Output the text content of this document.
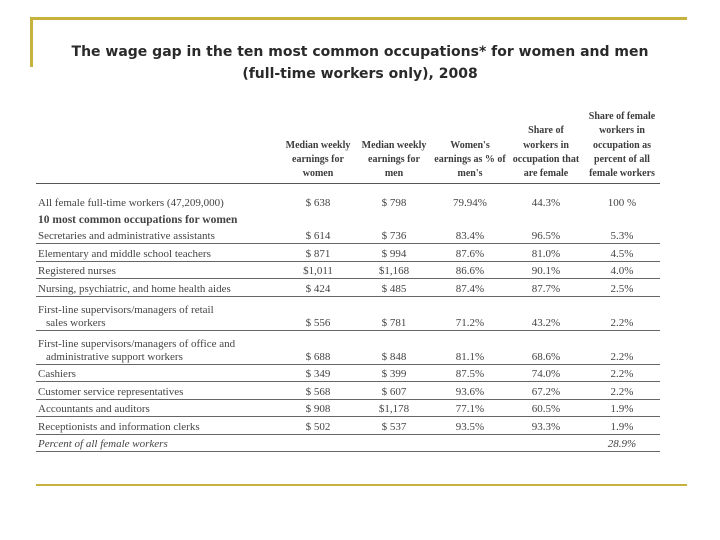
The wage gap in the ten most common occupations* for women and men
(full-time workers only), 2008
	Median weekly earnings for women	Median weekly earnings for men	Women's earnings as % of men's	Share of workers in occupation that are female	Share of female workers in occupation as percent of all female workers
All female full-time workers (47,209,000)	$ 638	$ 798	79.94%	44.3%	100 %
10 most common occupations for women					
Secretaries and administrative assistants	$ 614	$ 736	83.4%	96.5%	5.3%
Elementary and middle school teachers	$ 871	$ 994	87.6%	81.0%	4.5%
Registered nurses	$1,011	$1,168	86.6%	90.1%	4.0%
Nursing, psychiatric, and home health aides	$ 424	$ 485	87.4%	87.7%	2.5%
First-line supervisors/managers of retail
sales workers	$ 556	$ 781	71.2%	43.2%	2.2%
First-line supervisors/managers of office and
administrative support workers	$ 688	$ 848	81.1%	68.6%	2.2%
Cashiers	$ 349	$ 399	87.5%	74.0%	2.2%
Customer service representatives	$ 568	$ 607	93.6%	67.2%	2.2%
Accountants and auditors	$ 908	$1,178	77.1%	60.5%	1.9%
Receptionists and information clerks	$ 502	$ 537	93.5%	93.3%	1.9%
Percent of all female workers					28.9%
